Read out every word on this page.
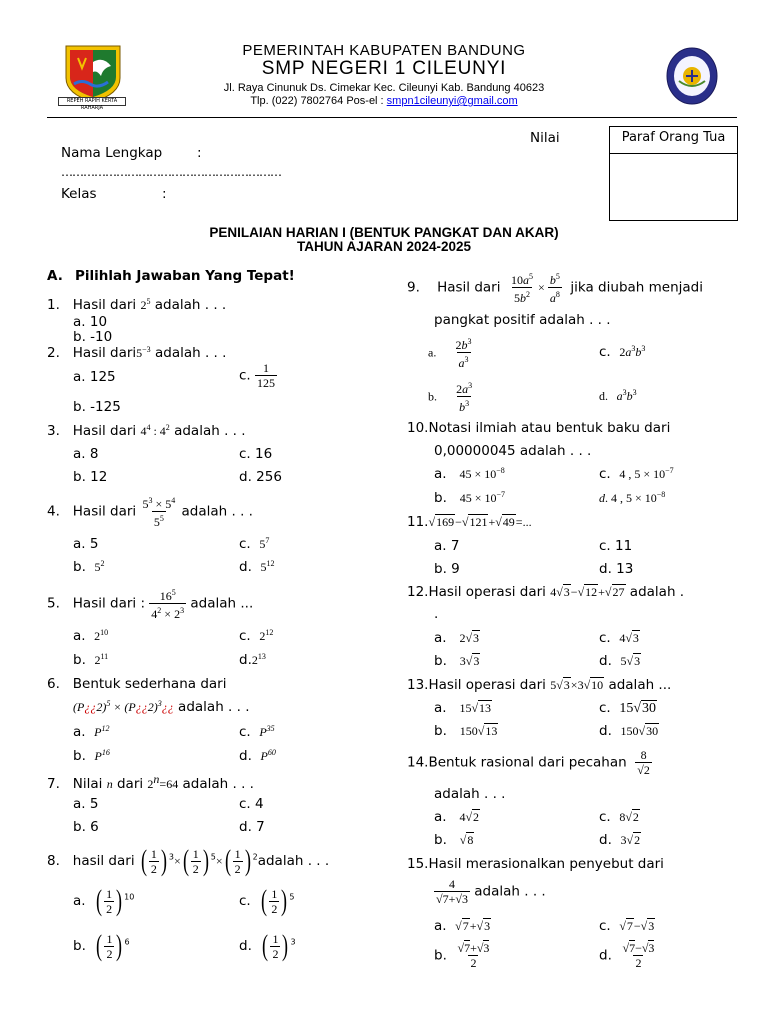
REPEH RAPIH KERTA RAHARJA
PEMERINTAH KABUPATEN BANDUNG
SMP NEGERI 1 CILEUNYI
Jl. Raya Cinunuk Ds. Cimekar Kec. Cileunyi Kab. Bandung 40623
Tlp. (022) 7802764 Pos-el : smpn1cileunyi@gmail.com
Nama Lengkap	:
……………………………………………………
Kelas	:
Nilai	Paraf Orang Tua
PENILAIAN HARIAN I (BENTUK PANGKAT DAN AKAR)
TAHUN AJARAN 2024-2025
A. Pilihlah Jawaban Yang Tepat!
1. Hasil dari $2^5$ adalah . . .
a. 10
b. -10
2. Hasil $dari5^{-3}$ adalah . . .
a. 125	c. $\frac{1}{125}$
b. -125
3. Hasil dari $4^4$ : $4^2$ adalah . . .
a. 8	c. 16
b. 12	d. 256
4. Hasil dari $\frac{5^3 \times 5^4}{5^5}$ adalah . . .
a. 5	c. $5^7$
b. $5^2$	d. $5^{12}$
5. Hasil dari : $\frac{16^5}{4^2 \times 2^3}$ adalah ...
a. $2^{10}$	c. $2^{12}$
b. $2^{11}$	$d.2^{13}$
6. Bentuk sederhana dari
(P¿¿2)$^5$ × (P¿¿2)$^3$¿¿ adalah . . .
a. $P^{12}$	c. $P^{35}$
b. $P^{16}$	d. $P^{60}$
7. Nilai n dari $2^n=64$ adalah . . .
a. 5	c. 4
b. 6	d. 7
8. hasil dari ( $\frac{1}{2}$ ) $^3\times( \frac{1}{2}$ ) $^5\times( \frac{1}{2}$ ) $^2$adalah . . .
a. ( $\frac{1}{2}$ ) $^{10}$	c. ( $\frac{1}{2}$ ) $^5$
b. ( $\frac{1}{2}$ ) $^6$	d. ( $\frac{1}{2}$ ) $^3$
9. Hasil dari $\frac{10a^5}{5b^2} \times \frac{b^5}{a^8}$ jika diubah menjadi
pangkat positif adalah . . .
a. $\frac{2b^3}{a^3}$	c. $2a^3b^3$
b. $\frac{2a^3}{b^3}$	d. $a^3b^3$
10.Notasi ilmiah atau bentuk baku dari
0,00000045 adalah . . .
a. $45 \times 10^{-8}$	c. 4 , $5 \times 10^{-7}$
b. $45 \times 10^{-7}$	d. 4 , $5 \times 10^{-8}$
11.√169−√121+√49=...
a. 7	c. 11
b. 9	d. 13
12.Hasil operasi dari 4√3−√12+√27 adalah .
.
a. 2√3	c. 4√3
b. 3√3	d. 5√3
13.Hasil operasi dari 5√3×3√10 adalah ...
a. 15√13	c. 15√30
b. 150√13	d. 150√30
14.Bentuk rasional dari pecahan $\frac{8}{√2}$
adalah . . .
a. 4√2	c. 8√2
b. √8	d. 3√2
15.Hasil merasionalkan penyebut dari
$\frac{4}{√7+√3}$ adalah . . .
a. √7+√3	c. √7−√3
b. $\frac{√7+√3}{2}$	d. $\frac{√7-√3}{2}$
